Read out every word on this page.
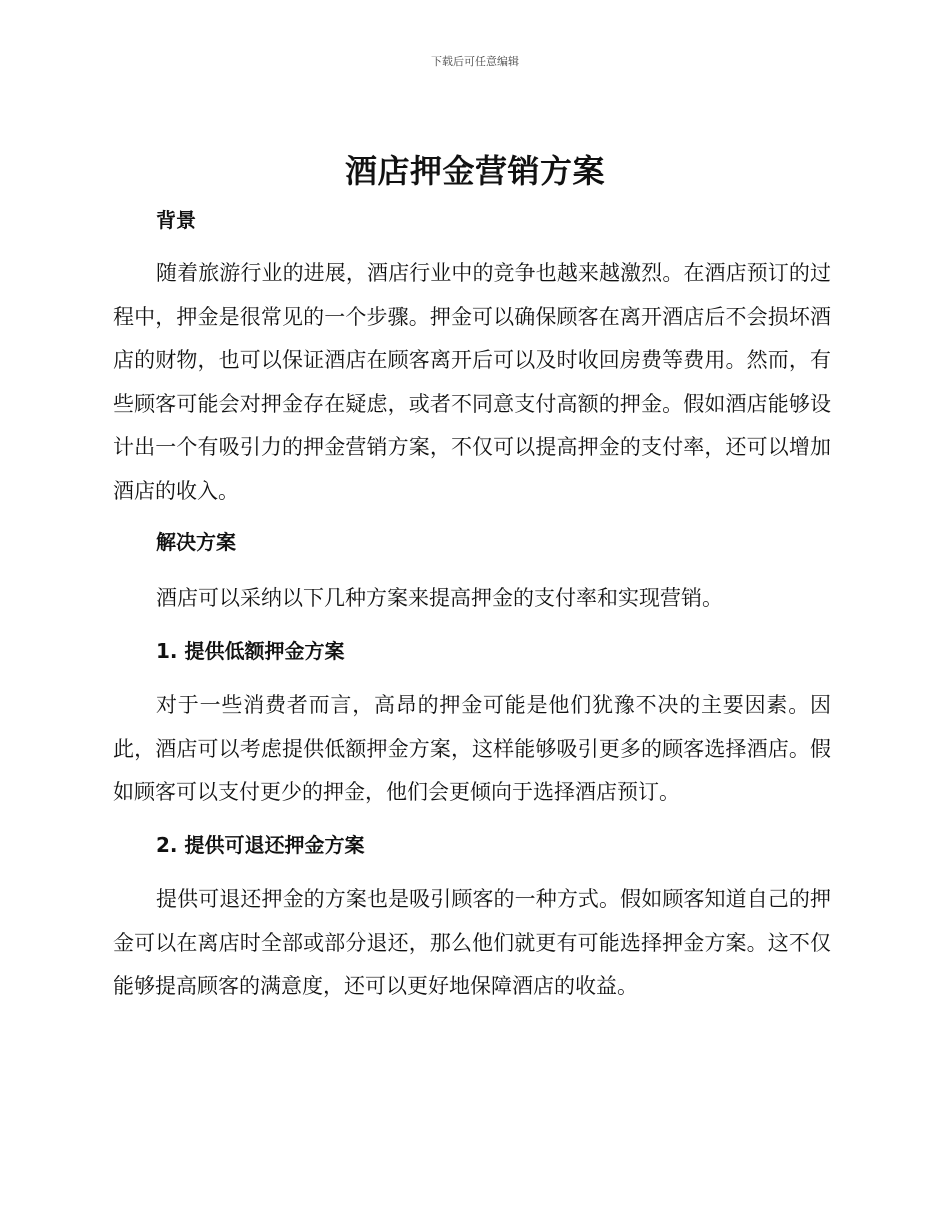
下载后可任意编辑
酒店押金营销方案
背景

随着旅游行业的进展，酒店行业中的竞争也越来越激烈。在酒店预订的过程中，押金是很常见的一个步骤。押金可以确保顾客在离开酒店后不会损坏酒店的财物，也可以保证酒店在顾客离开后可以及时收回房费等费用。然而，有些顾客可能会对押金存在疑虑，或者不同意支付高额的押金。假如酒店能够设计出一个有吸引力的押金营销方案，不仅可以提高押金的支付率，还可以增加酒店的收入。

解决方案

酒店可以采纳以下几种方案来提高押金的支付率和实现营销。

1. 提供低额押金方案

对于一些消费者而言，高昂的押金可能是他们犹豫不决的主要因素。因此，酒店可以考虑提供低额押金方案，这样能够吸引更多的顾客选择酒店。假如顾客可以支付更少的押金，他们会更倾向于选择酒店预订。

2. 提供可退还押金方案

提供可退还押金的方案也是吸引顾客的一种方式。假如顾客知道自己的押金可以在离店时全部或部分退还，那么他们就更有可能选择押金方案。这不仅能够提高顾客的满意度，还可以更好地保障酒店的收益。
